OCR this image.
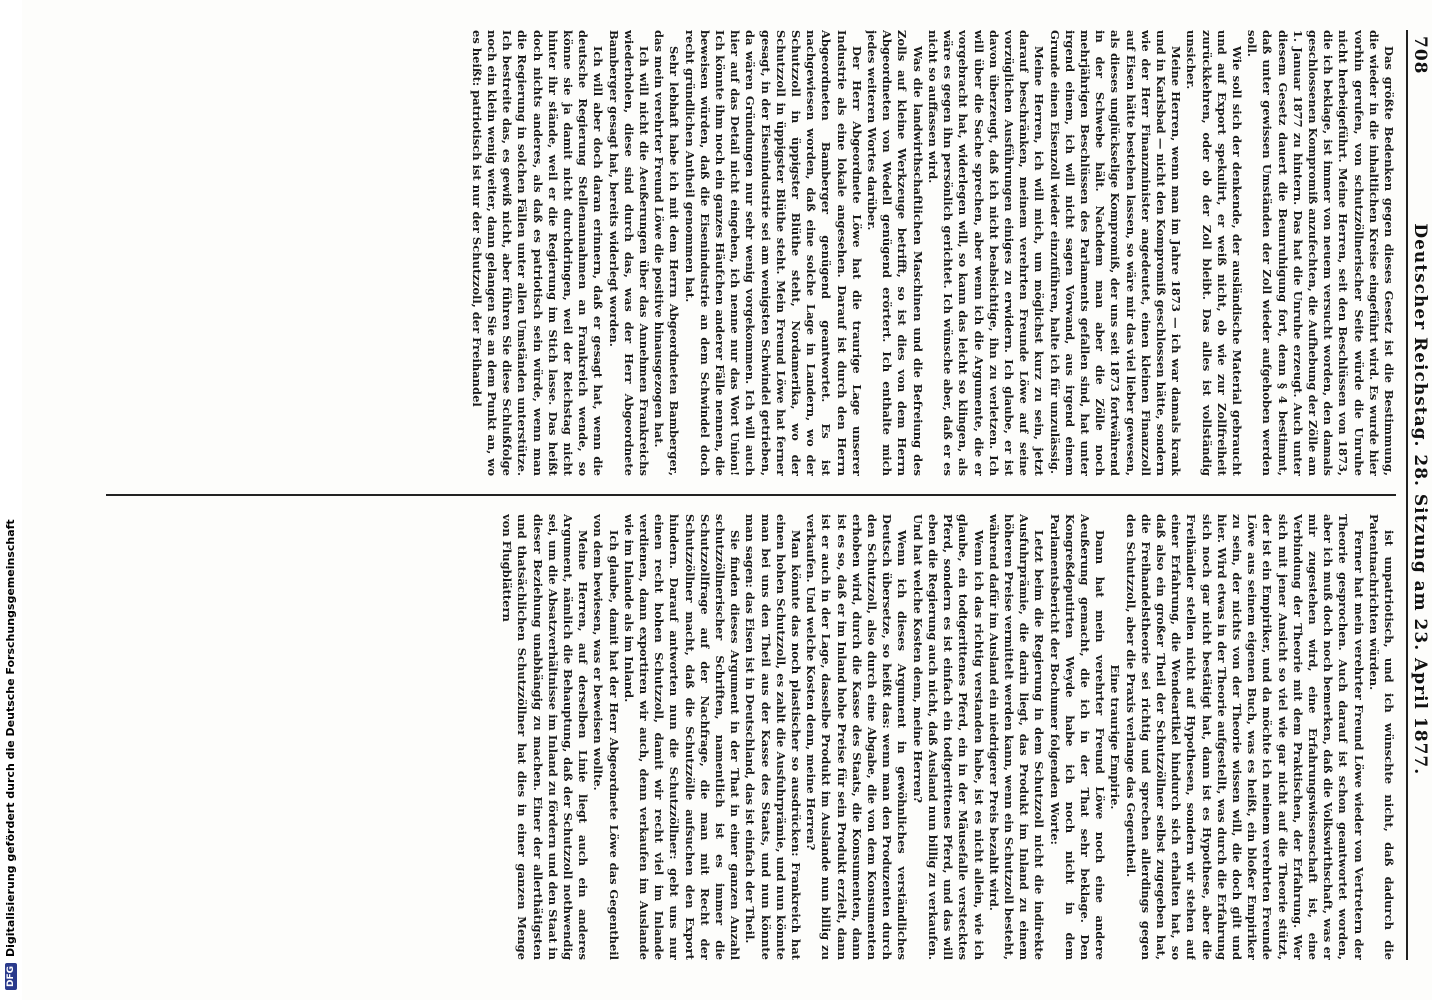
708
Deutscher Reichstag. 28. Sitzung am 23. April 1877.

Das größte Bedenken gegen dieses Gesetz ist die Bestimmung, die wieder in die inhaltlichen Kreise eingeführt wird. Es wurde hier vorhin gerufen, von schutzzöllnerischer Seite würde die Unruhe nicht herbeigeführt. Meine Herren, seit den Beschlüssen von 1873, die ich beklage, ist immer von neuem versucht worden, den damals geschlossenen Kompromiß anzufechten, die Aufhebung der Zölle am 1. Januar 1877 zu hintern. Das hat die Unruhe erzeugt. Auch unter diesem Gesetz dauert die Beunruhigung fort, denn § 4 bestimmt, daß unter gewissen Umständen der Zoll wieder aufgehoben werden soll.

Wie soll sich der denkende, der ausländische Material gebraucht und auf Export spekulirt, er weiß nicht, ob wie zur Zollfreiheit zurückkehren, oder ob der Zoll bleibt. Das alles ist vollständig unsicher.

Meine Herren, wenn man im Jahre 1873 — ich war damals krank und in Karlsbad — nicht den Kompromiß geschlossen hätte, sondern wie der Herr Finanzminister angedeutet, einen kleinen Finanzzoll auf Eisen hätte bestehen lassen, so wäre mir das viel lieber gewesen, als dieses unglückselige Kompromiß, der uns seit 1873 fortwährend in der Schwebe hält. Nachdem man aber die Zölle noch mehrjährigen Beschlüssen des Parlaments gefallen sind, hat unter irgend einem, ich will nicht sagen Vorwand, aus irgend einem Grunde einen Eisenzoll wieder einzuführen, halte ich für unzulässig.

Meine Herren, ich will mich, um möglichst kurz zu sein, jetzt darauf beschränken, meinem verehrten Freunde Löwe auf seine vorzüglichen Ausführungen einiges zu erwidern. Ich glaube, er ist davon überzeugt, daß ich nicht beabsichtige, ihn zu verletzen. Ich will über die Sache sprechen, aber wenn ich die Argumente, die er vorgebracht hat, widerlegen will, so kann das leicht so klingen, als wäre es gegen ihn persönlich gerichtet. Ich wünsche aber, daß er es nicht so auffassen wird.

Was die landwirthschaftlichen Maschinen und die Befreiung des Zolls auf kleine Werkzeuge betrifft, so ist dies von dem Herrn Abgeordneten von Wedell genügend erörtert. Ich enthalte mich jedes weiteren Wortes darüber.

Der Herr Abgeordnete Löwe hat die traurige Lage unserer Industrie als eine lokale angesehen. Darauf ist durch den Herrn Abgeordneten Bamberger genügend geantwortet. Es ist nachgewiesen worden, daß eine solche Lage in Landern, wo der Schutzzoll in üppigster Blüthe steht, Nordamerika, wo der Schutzzoll in üppigster Blüthe steht. Mein Freund Löwe hat ferner gesagt, in der Eisenindustrie sei am wenigsten Schwindel getrieben, da wären Gründungen nur sehr wenig vorgekommen. Ich will auch hier auf das Detail nicht eingehen, ich nenne nur das Wort Union! Ich könnte ihm noch ein ganzes Häufchen anderer Fälle nennen, die beweisen würden, daß die Eisenindustrie an dem Schwindel doch recht gründlichen Antheil genommen hat.

Sehr lebhaft habe ich mit dem Herrn Abgeordneten Bamberger, das mein verehrter Freund Löwe die positive hinausgezogen hat.

Ich will nicht die Aeußerungen über das Annehmen Frankreichs wiederholen, diese sind durch das, was der Herr Abgeordnete Bamberger gesagt hat, bereits widerlegt worden.

Ich will aber doch daran erinnern, daß er gesagt hat, wenn die deutsche Regierung Stellenannahmen an Frankreich wende, so könne sie ja damit nicht durchdringen, weil der Reichstag nicht hinter ihr stände, weil er die Regierung im Stich lasse. Das heißt doch nichts anderes, als daß es patriotisch sein würde, wenn man die Regierung in solchen Fällen unter allen Umständen unterstütze. Ich bestreite das, es gewiß nicht, aber führen Sie diese Schlußfolge noch ein klein wenig weiter, dann gelangen Sie an dem Punkt an, wo es heißt: patriotisch ist nur der Schutzzoll, der Freihandel

ist unpatriotisch, und ich wünschte nicht, daß dadurch die Patentnachrichten würden.

Ferner hat mein verehrter Freund Löwe wieder von Vertretern der Theorie gesprochen. Auch darauf ist schon geantwortet worden, aber ich muß doch noch bemerken, daß die Volkswirthschaft, was er mir zugestehen wird, eine Erfahrungswissenschaft ist, eine Verbindung der Theorie mit dem Praktischen, der Erfahrung. Wer sich mit jener Ansicht so viel wie gar nicht auf die Theorie stützt, der ist ein Empiriker, und da möchte ich meinem verehrten Freunde Löwe aus seinem eigenen Buch, was es heißt, ein bloßer Empiriker zu sein, der nichts von der Theorie wissen will, die doch gilt und hier. Wird etwas in der Theorie aufgestellt, was durch die Erfahrung sich noch gar nicht bestätigt hat, dann ist es Hypothese, aber die Freihändler stellen nicht auf Hypothesen, sondern wir stehen auf einer Erfahrung, die Wendeartikel hindurch sich erhalten hat, so daß also ein großer Theil der Schutzzöllner selbst zugegeben hat, die Freihandelstheorie sei richtig und sprechen allerdings gegen den Schutzzoll, aber die Praxis verlange das Gegentheil.

Eine traurige Empirie.

Dann hat mein verehrter Freund Löwe noch eine andere Aeußerung gemacht, die ich in der That sehr beklage. Den Kongreßdeputirten Weyde habe ich noch nicht in dem Parlamentsbericht der Bochumer folgenden Worte:

Letzt beim die Regierung in dem Schutzzoll nicht die indirekte Ausfuhrprämie, die darin liegt, das Produkt im Inland zu einem höheren Preise vermittelt werden kann, wenn ein Schutzzoll besteht, während dafür im Ausland ein niedrigerer Preis bezahlt wird.

Wenn ich das richtig verstanden habe, ist es nicht allein, wie ich glaube, ein todtgerittenes Pferd, ein in der Mäusefalle verstecktes Pferd, sondern es ist einfach ein todtgerittenes Pferd, und das will eben die Regierung auch nicht, daß Ausland nun billig zu verkaufen. Und hat welche Kosten denn, meine Herren?

Wenn ich dieses Argument in gewöhnliches verständliches Deutsch übersetze, so heißt das: wenn man den Produzenten durch den Schutzzoll, also durch eine Abgabe, die von dem Konsumenten erhoben wird, durch die Kasse des Staats, die Konsumenten, dann ist es so, daß er im Inland hohe Preise für sein Produkt erzielt, dann ist er auch in der Lage, dasselbe Produkt im Auslande nun billig zu verkaufen. Und welche Kosten denn, meine Herren?

Man könnte das noch plastischer so ausdrücken: Frankreich hat einen hohen Schutzzoll, es zahlt die Ausfuhrprämie, und nun könnte man bei uns den Theil aus der Kasse des Staats, und nun könnte man sagen: das Eisen ist in Deutschland, das ist einfach der Theil.

Sie finden dieses Argument in der That in einer ganzen Anzahl schutzzöllnerischer Schriften, namentlich ist es immer die Schutzzollfrage auf der Nachfrage, die man mit Recht der Schutzzöllner macht, daß die Schutzzölle aufsuchen den Export hindern. Darauf antworten nun die Schutzzöllner: gebt uns nur einen recht hohen Schutzzoll, damit wir recht viel im Inlande verdienen, dann exportiren wir auch, denn verkaufen im Auslande wie im Inlande als im Inland.

Ich glaube, damit hat der Herr Abgeordnete Löwe das Gegentheil von dem bewiesen, was er beweisen wollte.

Meine Herren, auf derselben Linie liegt auch ein anderes Argument, nämlich die Behauptung, daß der Schutzzoll nothwendig sei, um die Absatzverhältnisse im Inland zu fördern und den Staat in dieser Beziehung unabhängig zu machen. Einer der allerthätigsten und thatsächlichen Schutzzöllner hat dies in einer ganzen Menge von Flugblättern

DFG
Digitalisierung gefördert durch die Deutsche Forschungsgemeinschaft
